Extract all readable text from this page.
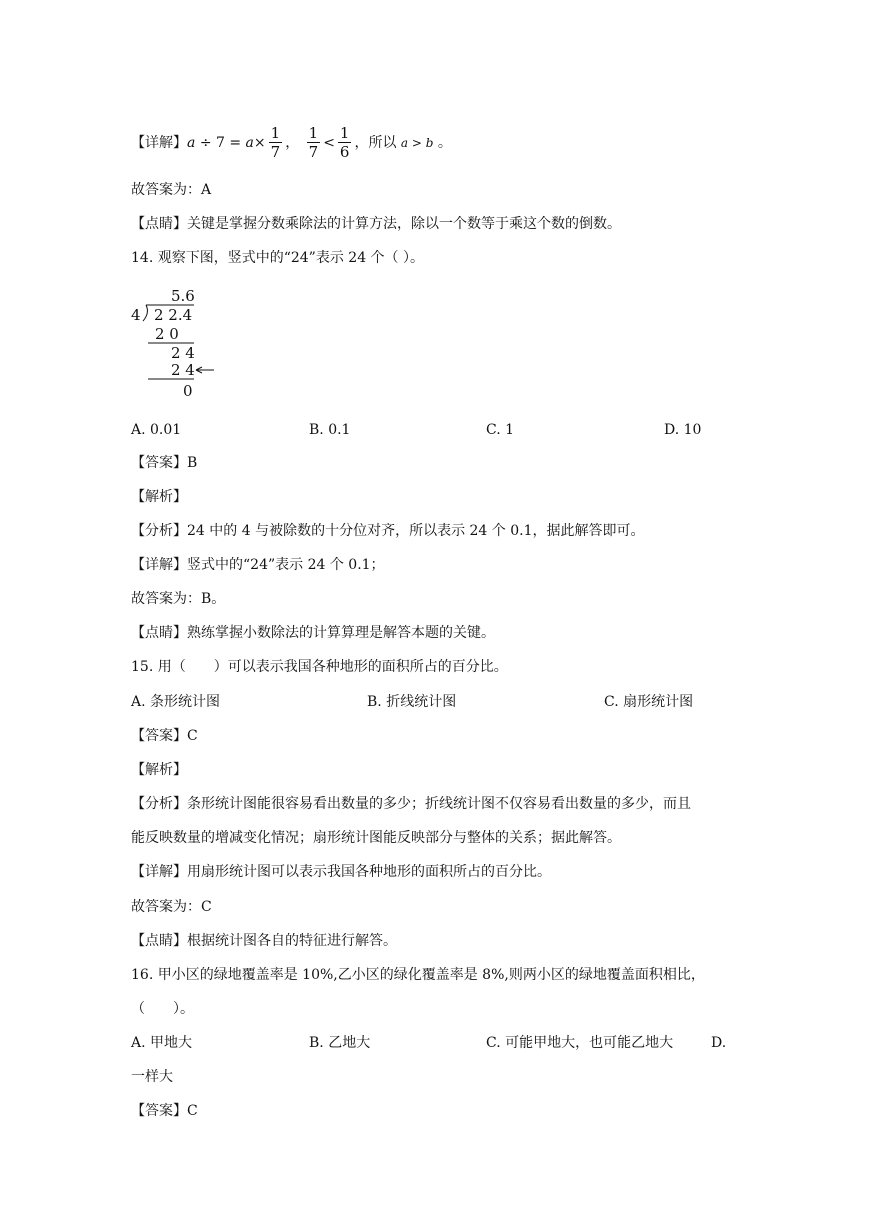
【详解】$a \div 7 = a\times \frac{1}{7}$ ， $\frac{1}{7} < \frac{1}{6}$ ，所以 a > b 。
故答案为：A
【点睛】关键是掌握分数乘除法的计算方法，除以一个数等于乘这个数的倒数。
14. 观察下图，竖式中的“24”表示 24 个（ ）。
5.6
4 2 2.4
2 0
2 4
2 4
0
A. 0.01	B. 0.1	C. 1	D. 10
【答案】B
【解析】
【分析】24 中的 4 与被除数的十分位对齐，所以表示 24 个 0.1，据此解答即可。
【详解】竖式中的“24”表示 24 个 0.1；
故答案为：B。
【点睛】熟练掌握小数除法的计算算理是解答本题的关键。
15. 用（　　）可以表示我国各种地形的面积所占的百分比。
A. 条形统计图	B. 折线统计图	C. 扇形统计图
【答案】C
【解析】
【分析】条形统计图能很容易看出数量的多少；折线统计图不仅容易看出数量的多少，而且
能反映数量的增减变化情况；扇形统计图能反映部分与整体的关系；据此解答。
【详解】用扇形统计图可以表示我国各种地形的面积所占的百分比。
故答案为：C
【点睛】根据统计图各自的特征进行解答。
16. 甲小区的绿地覆盖率是 10%,乙小区的绿化覆盖率是 8%,则两小区的绿地覆盖面积相比，
（　　）。
A. 甲地大	B. 乙地大	C. 可能甲地大，也可能乙地大	D.
一样大
【答案】C
